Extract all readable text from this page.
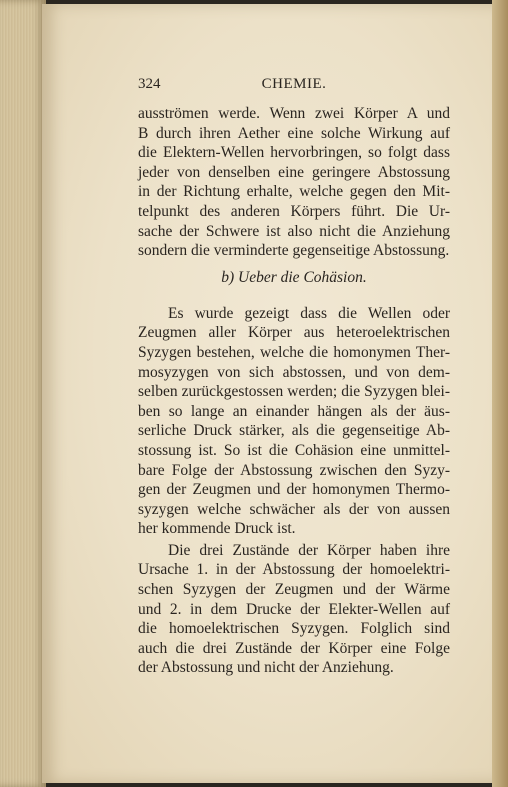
324	CHEMIE.
ausströmen werde. Wenn zwei Körper A und
B durch ihren Aether eine solche Wirkung auf
die Elektern-Wellen hervorbringen, so folgt dass
jeder von denselben eine geringere Abstossung
in der Richtung erhalte, welche gegen den Mit-
telpunkt des anderen Körpers führt. Die Ur-
sache der Schwere ist also nicht die Anziehung
sondern die verminderte gegenseitige Abstossung.
b) Ueber die Cohäsion.
Es wurde gezeigt dass die Wellen oder
Zeugmen aller Körper aus heteroelektrischen
Syzygen bestehen, welche die homonymen Ther-
mosyzygen von sich abstossen, und von dem-
selben zurückgestossen werden; die Syzygen blei-
ben so lange an einander hängen als der äus-
serliche Druck stärker, als die gegenseitige Ab-
stossung ist. So ist die Cohäsion eine unmittel-
bare Folge der Abstossung zwischen den Syzy-
gen der Zeugmen und der homonymen Thermo-
syzygen welche schwächer als der von aussen
her kommende Druck ist.
Die drei Zustände der Körper haben ihre
Ursache 1. in der Abstossung der homoelektri-
schen Syzygen der Zeugmen und der Wärme
und 2. in dem Drucke der Elekter-Wellen auf
die homoelektrischen Syzygen. Folglich sind
auch die drei Zustände der Körper eine Folge
der Abstossung und nicht der Anziehung.
